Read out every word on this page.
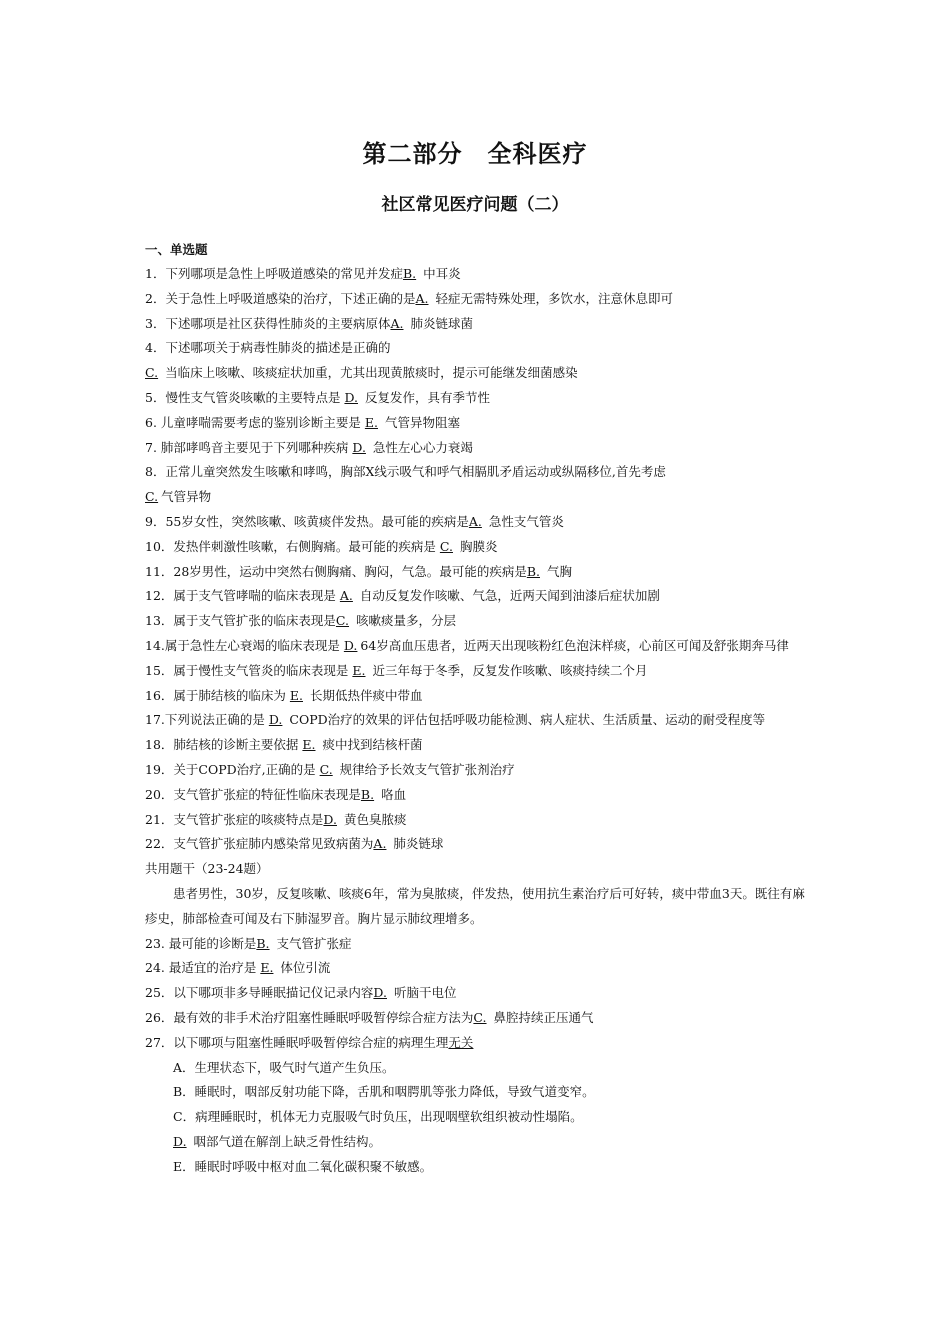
第二部分　全科医疗
社区常见医疗问题（二）
一、单选题
1．下列哪项是急性上呼吸道感染的常见并发症B. 中耳炎
2．关于急性上呼吸道感染的治疗，下述正确的是A. 轻症无需特殊处理，多饮水，注意休息即可
3．下述哪项是社区获得性肺炎的主要病原体A. 肺炎链球菌
4．下述哪项关于病毒性肺炎的描述是正确的
C. 当临床上咳嗽、咳痰症状加重，尤其出现黄脓痰时，提示可能继发细菌感染
5．慢性支气管炎咳嗽的主要特点是 D. 反复发作，具有季节性
6. 儿童哮喘需要考虑的鉴别诊断主要是 E. 气管异物阻塞
7. 肺部哮鸣音主要见于下列哪种疾病 D. 急性左心心力衰竭
8．正常儿童突然发生咳嗽和哮鸣，胸部X线示吸气和呼气相膈肌矛盾运动或纵隔移位,首先考虑
C. 气管异物
9．55岁女性，突然咳嗽、咳黄痰伴发热。最可能的疾病是A. 急性支气管炎
10．发热伴刺激性咳嗽，右侧胸痛。最可能的疾病是 C. 胸膜炎
11．28岁男性，运动中突然右侧胸痛、胸闷，气急。最可能的疾病是B. 气胸
12．属于支气管哮喘的临床表现是 A. 自动反复发作咳嗽、气急，近两天闻到油漆后症状加剧
13．属于支气管扩张的临床表现是C. 咳嗽痰量多，分层
14.属于急性左心衰竭的临床表现是 D. 64岁高血压患者，近两天出现咳粉红色泡沫样痰，心前区可闻及舒张期奔马律
15．属于慢性支气管炎的临床表现是 E. 近三年每于冬季，反复发作咳嗽、咳痰持续二个月
16．属于肺结核的临床为 E. 长期低热伴痰中带血
17.下列说法正确的是 D. COPD治疗的效果的评估包括呼吸功能检测、病人症状、生活质量、运动的耐受程度等
18．肺结核的诊断主要依据 E. 痰中找到结核杆菌
19．关于COPD治疗,正确的是 C. 规律给予长效支气管扩张剂治疗
20．支气管扩张症的特征性临床表现是B. 咯血
21．支气管扩张症的咳痰特点是D. 黄色臭脓痰
22．支气管扩张症肺内感染常见致病菌为A. 肺炎链球
共用题干（23-24题）
患者男性，30岁，反复咳嗽、咳痰6年，常为臭脓痰，伴发热，使用抗生素治疗后可好转，痰中带血3天。既往有麻疹史，肺部检查可闻及右下肺湿罗音。胸片显示肺纹理增多。
23. 最可能的诊断是B. 支气管扩张症
24. 最适宜的治疗是 E. 体位引流
25．以下哪项非多导睡眠描记仪记录内容D. 听脑干电位
26．最有效的非手术治疗阻塞性睡眠呼吸暂停综合症方法为C. 鼻腔持续正压通气
27．以下哪项与阻塞性睡眠呼吸暂停综合症的病理生理无关
A．生理状态下，吸气时气道产生负压。
B．睡眠时，咽部反射功能下降，舌肌和咽腭肌等张力降低，导致气道变窄。
C．病理睡眠时，机体无力克服吸气时负压，出现咽壁软组织被动性塌陷。
D. 咽部气道在解剖上缺乏骨性结构。
E．睡眠时呼吸中枢对血二氧化碳积聚不敏感。
